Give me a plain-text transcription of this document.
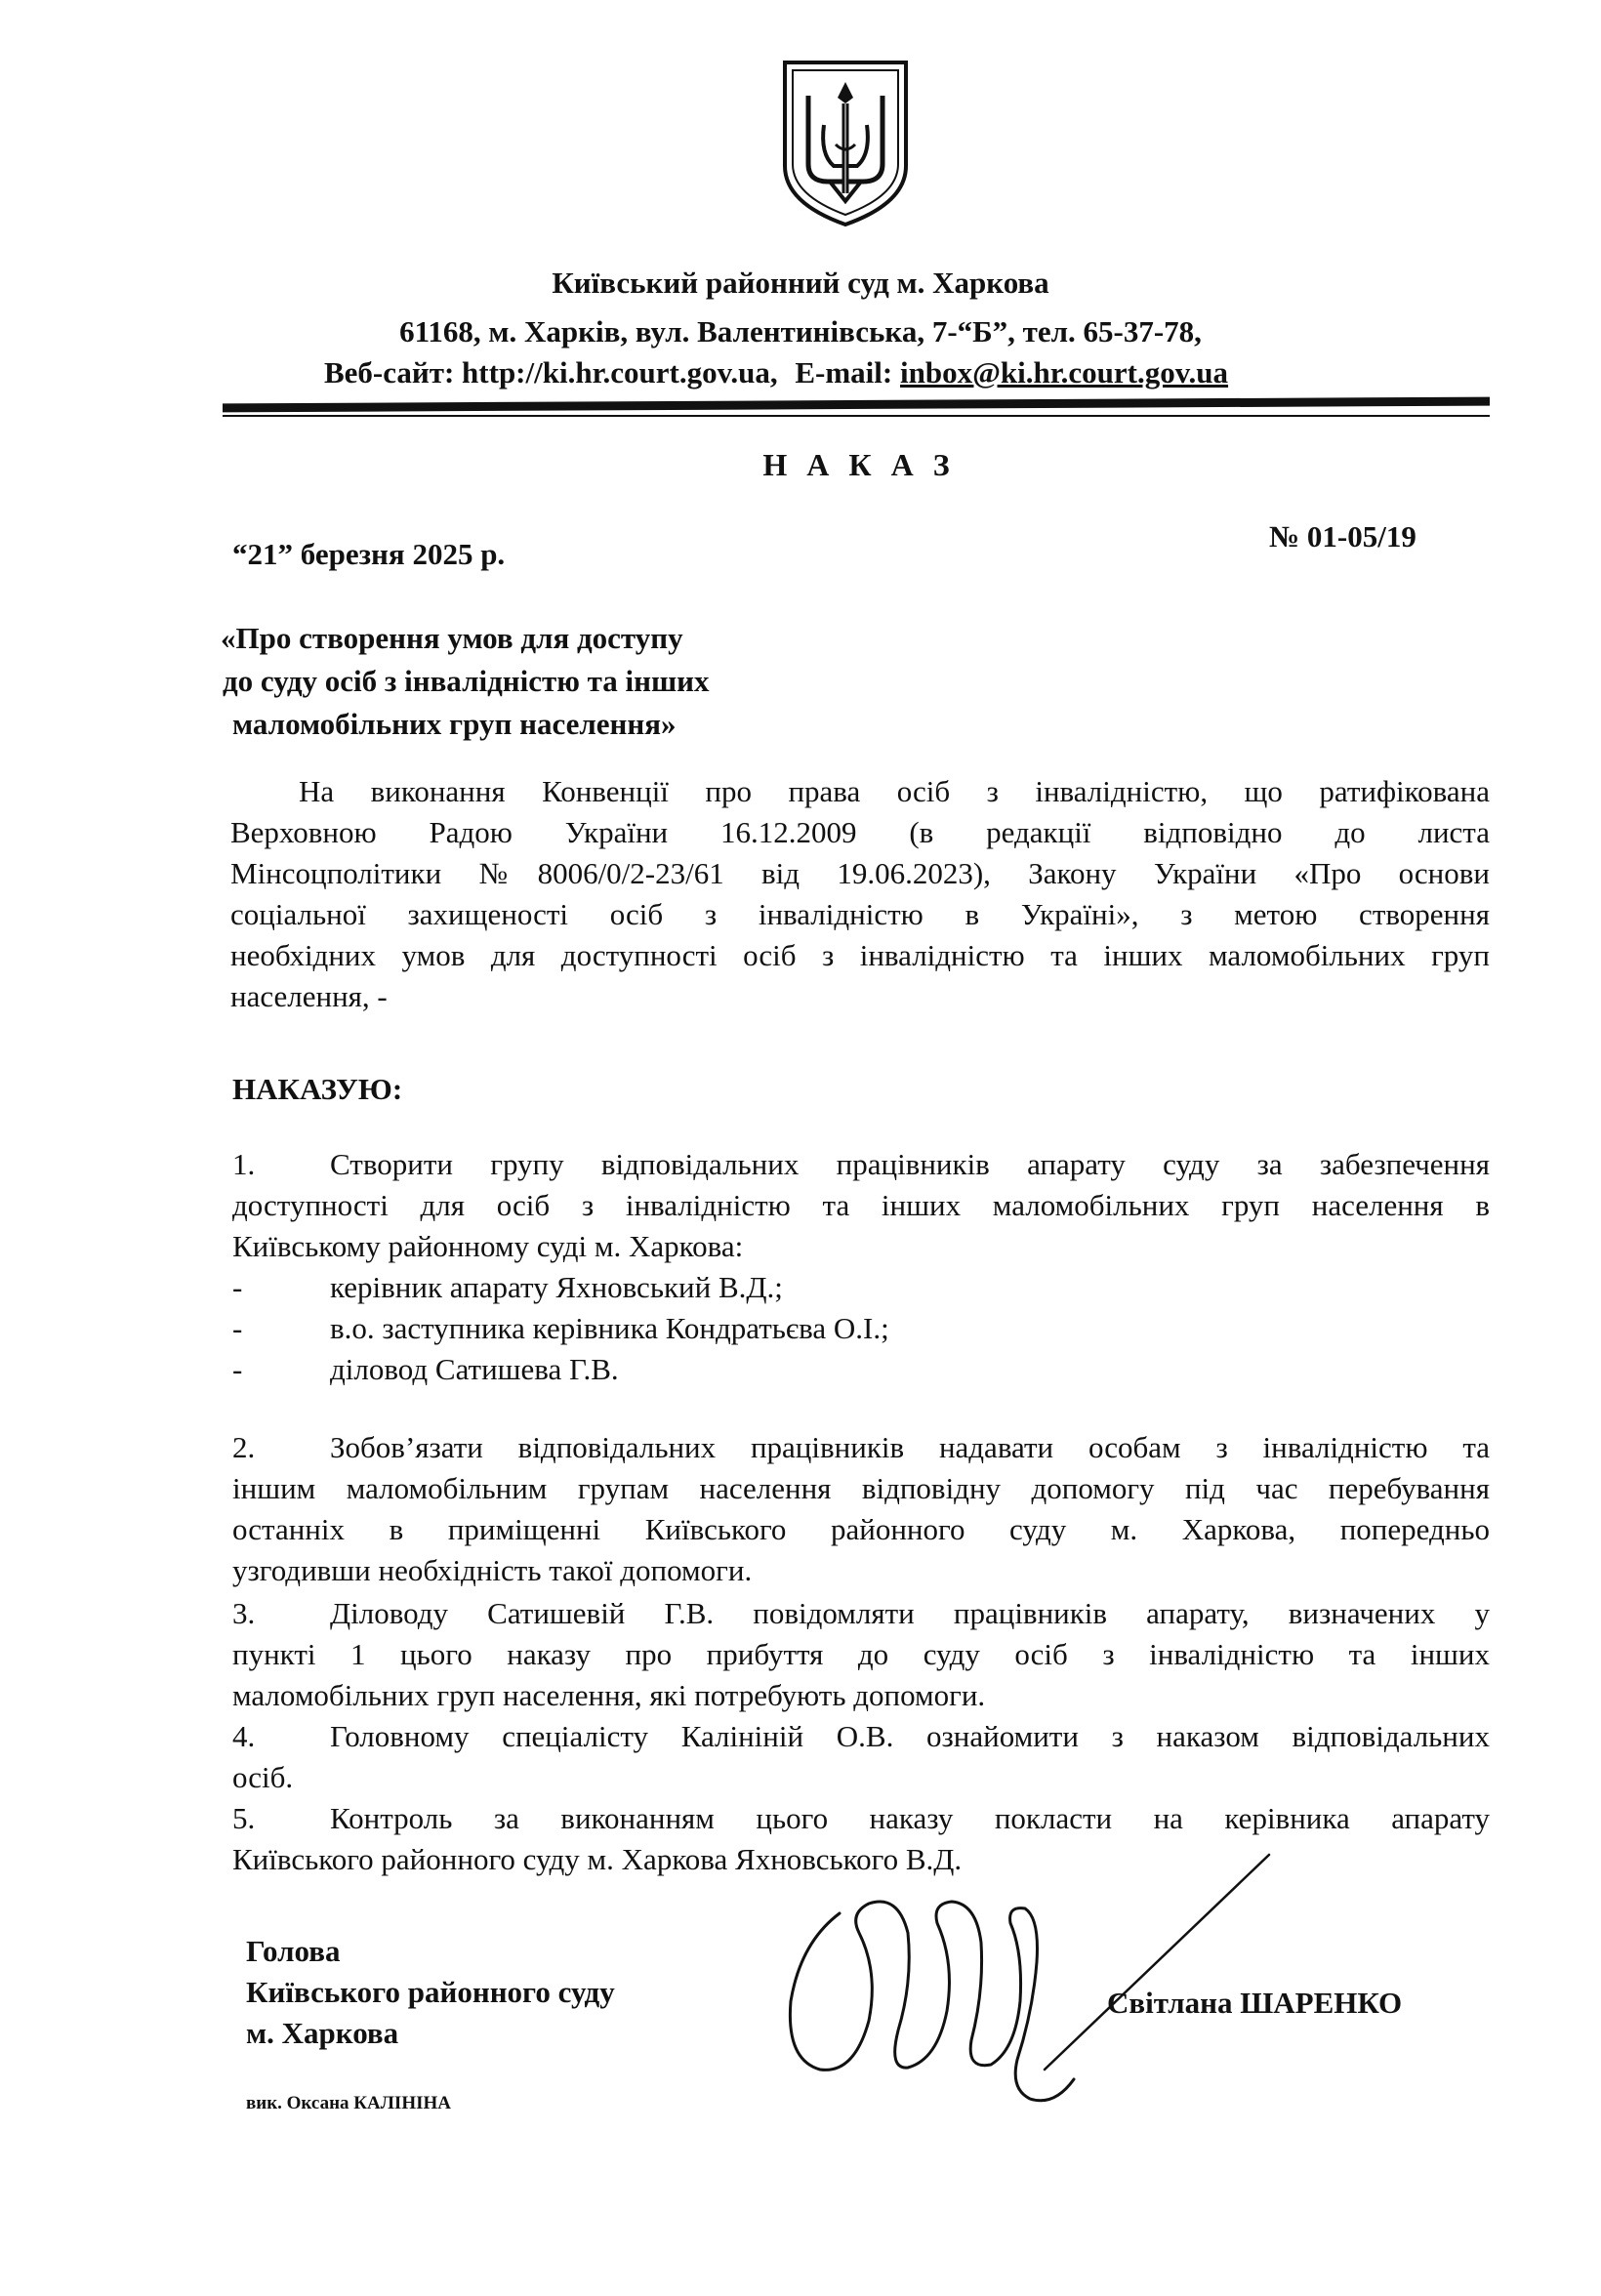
Київський районний суд м. Харкова
61168, м. Харків, вул. Валентинівська, 7-“Б”, тел. 65-37-78,
Веб-сайт: http://ki.hr.court.gov.ua, E-mail: inbox@ki.hr.court.gov.ua
Н А К А З
“21” березня 2025 р.
№ 01-05/19
«Про створення умов для доступу
до суду осіб з інвалідністю та інших
маломобільних груп населення»
На виконання Конвенції про права осіб з інвалідністю, що ратифікована
Верховною Радою України 16.12.2009 (в редакції відповідно до листа
Мінсоцполітики №8006/0/2-23/61 від 19.06.2023), Закону України «Про основи
соціальної захищеності осіб з інвалідністю в Україні», з метою створення
необхідних умов для доступності осіб з інвалідністю та інших маломобільних груп
населення, -
НАКАЗУЮ:
1. Створити групу відповідальних працівників апарату суду за забезпечення
доступності для осіб з інвалідністю та інших маломобільних груп населення в
Київському районному суді м. Харкова:
-	керівник апарату Яхновський В.Д.;
-	в.о. заступника керівника Кондратьєва О.І.;
-	діловод Сатишева Г.В.
2. Зобов’язати відповідальних працівників надавати особам з інвалідністю та
іншим маломобільним групам населення відповідну допомогу під час перебування
останніх в приміщенні Київського районного суду м. Харкова, попередньо
узгодивши необхідність такої допомоги.
3. Діловоду Сатишевій Г.В. повідомляти працівників апарату, визначених у
пункті 1 цього наказу про прибуття до суду осіб з інвалідністю та інших
маломобільних груп населення, які потребують допомоги.
4. Головному спеціалісту Калініній О.В. ознайомити з наказом відповідальних
осіб.
5. Контроль за виконанням цього наказу покласти на керівника апарату
Київського районного суду м. Харкова Яхновського В.Д.
Голова
Київського районного суду
м. Харкова
Світлана ШАРЕНКО
вик. Оксана КАЛІНІНА
